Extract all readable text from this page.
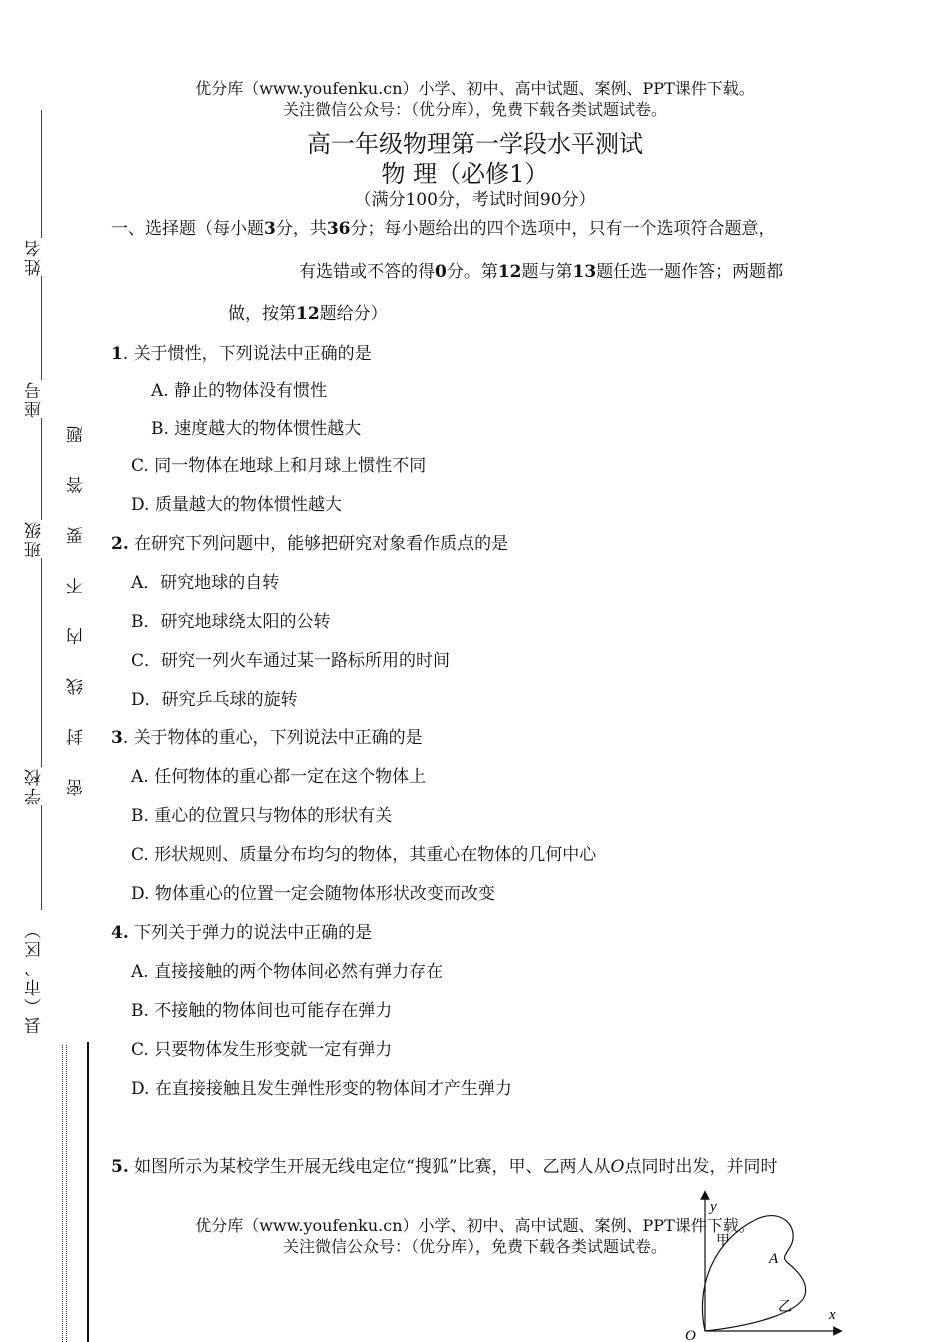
优分库（www.youfenku.cn）小学、初中、高中试题、案例、PPT课件下载。
关注微信公众号：（优分库），免费下载各类试题试卷。
高一年级物理第一学段水平测试
物 理（必修1）
（满分100分，考试时间90分）
一、选择题（每小题3分，共36分；每小题给出的四个选项中，只有一个选项符合题意，
有选错或不答的得0分。第12题与第13题任选一题作答；两题都
做，按第12题给分）
1. 关于惯性，下列说法中正确的是
A. 静止的物体没有惯性
B. 速度越大的物体惯性越大
C. 同一物体在地球上和月球上惯性不同
D. 质量越大的物体惯性越大
2. 在研究下列问题中，能够把研究对象看作质点的是
A．研究地球的自转
B．研究地球绕太阳的公转
C．研究一列火车通过某一路标所用的时间
D．研究乒乓球的旋转
3. 关于物体的重心，下列说法中正确的是
A. 任何物体的重心都一定在这个物体上
B. 重心的位置只与物体的形状有关
C. 形状规则、质量分布均匀的物体，其重心在物体的几何中心
D. 物体重心的位置一定会随物体形状改变而改变
4. 下列关于弹力的说法中正确的是
A. 直接接触的两个物体间必然有弹力存在
B. 不接触的物体间也可能存在弹力
C. 只要物体发生形变就一定有弹力
D. 在直接接触且发生弹性形变的物体间才产生弹力
5. 如图所示为某校学生开展无线电定位“搜狐”比赛，甲、乙两人从O点同时出发，并同时
优分库（www.youfenku.cn）小学、初中、高中试题、案例、PPT课件下载。
关注微信公众号：（优分库），免费下载各类试题试卷。
姓名
座号
班级
学校
县（市、区）
密 封 线 内 不 要 答 题
y
x
O
A
甲
乙
